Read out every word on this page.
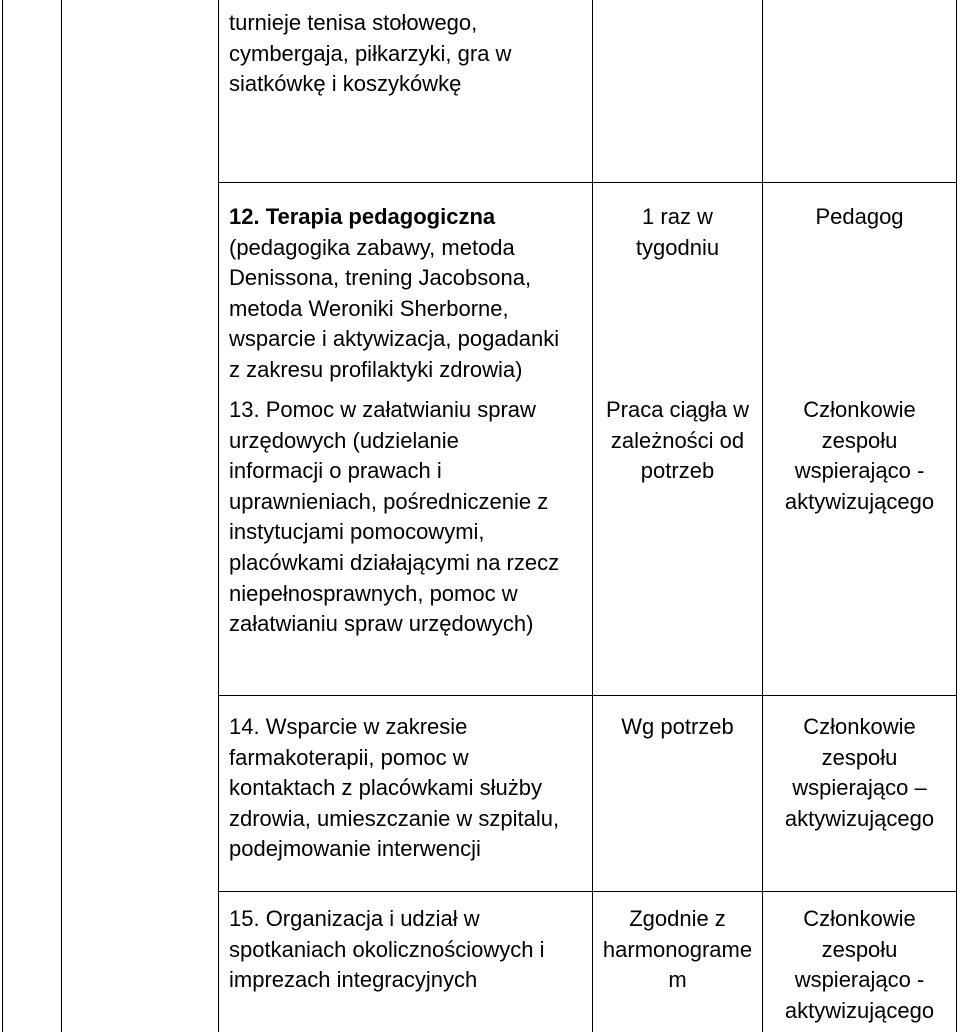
turnieje tenisa stołowego,
cymbergaja, piłkarzyki, gra w
siatkówkę i koszykówkę
12. Terapia pedagogiczna
(pedagogika zabawy, metoda
Denissona, trening Jacobsona,
metoda Weroniki Sherborne,
wsparcie i aktywizacja, pogadanki
z zakresu profilaktyki zdrowia)
1 raz w
tygodniu
Pedagog
13. Pomoc w załatwianiu spraw
urzędowych (udzielanie
informacji o prawach i
uprawnieniach, pośredniczenie z
instytucjami pomocowymi,
placówkami działającymi na rzecz
niepełnosprawnych, pomoc w
załatwianiu spraw urzędowych)
Praca ciągła w
zależności od
potrzeb
Członkowie
zespołu
wspierająco -
aktywizującego
14. Wsparcie w zakresie
farmakoterapii, pomoc w
kontaktach z placówkami służby
zdrowia, umieszczanie w szpitalu,
podejmowanie interwencji
Wg potrzeb	Członkowie
zespołu
wspierająco –
aktywizującego
15. Organizacja i udział w
spotkaniach okolicznościowych i
imprezach integracyjnych
Zgodnie z
harmonograme
m
Członkowie
zespołu
wspierająco -
aktywizującego
